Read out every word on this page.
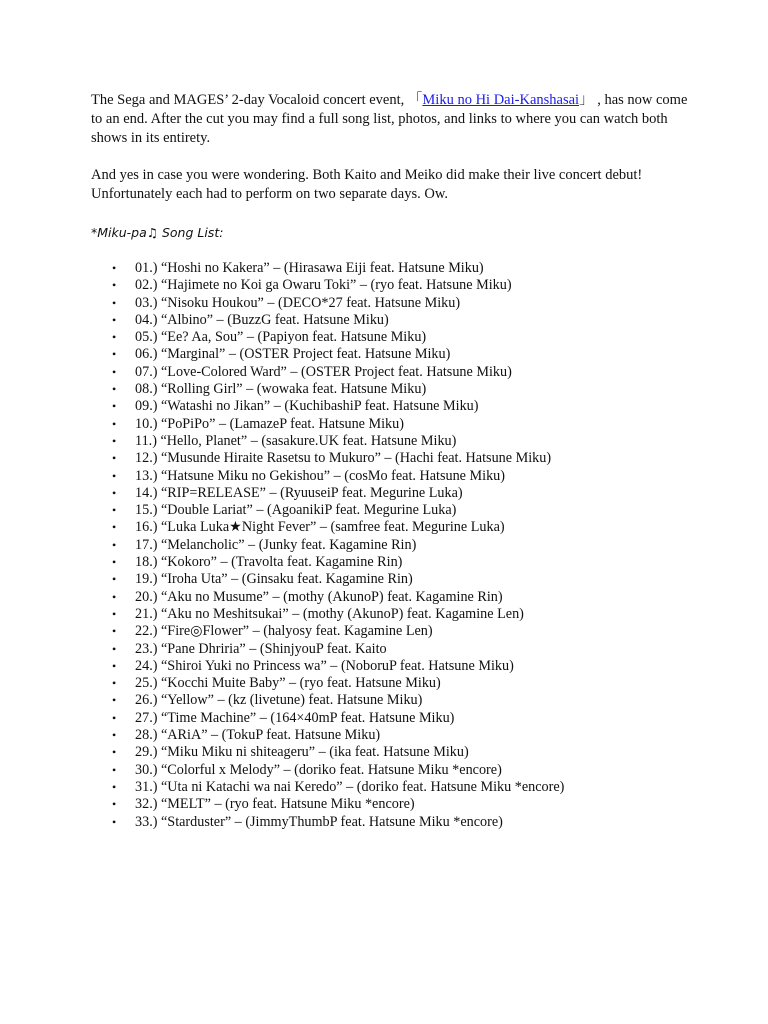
The Sega and MAGES’ 2-day Vocaloid concert event, 「Miku no Hi Dai-Kanshasai」 , has now come to an end. After the cut you may find a full song list, photos, and links to where you can watch both shows in its entirety.

And yes in case you were wondering. Both Kaito and Meiko did make their live concert debut! Unfortunately each had to perform on two separate days. Ow.

*Miku-pa♫ Song List:

• 01.) “Hoshi no Kakera” – (Hirasawa Eiji feat. Hatsune Miku)
• 02.) “Hajimete no Koi ga Owaru Toki” – (ryo feat. Hatsune Miku)
• 03.) “Nisoku Houkou” – (DECO*27 feat. Hatsune Miku)
• 04.) “Albino” – (BuzzG feat. Hatsune Miku)
• 05.) “Ee? Aa, Sou” – (Papiyon feat. Hatsune Miku)
• 06.) “Marginal” – (OSTER Project feat. Hatsune Miku)
• 07.) “Love-Colored Ward” – (OSTER Project feat. Hatsune Miku)
• 08.) “Rolling Girl” – (wowaka feat. Hatsune Miku)
• 09.) “Watashi no Jikan” – (KuchibashiP feat. Hatsune Miku)
• 10.) “PoPiPo” – (LamazeP feat. Hatsune Miku)
• 11.) “Hello, Planet” – (sasakure.UK feat. Hatsune Miku)
• 12.) “Musunde Hiraite Rasetsu to Mukuro” – (Hachi feat. Hatsune Miku)
• 13.) “Hatsune Miku no Gekishou” – (cosMo feat. Hatsune Miku)
• 14.) “RIP=RELEASE” – (RyuuseiP feat. Megurine Luka)
• 15.) “Double Lariat” – (AgoanikiP feat. Megurine Luka)
• 16.) “Luka Luka★Night Fever” – (samfree feat. Megurine Luka)
• 17.) “Melancholic” – (Junky feat. Kagamine Rin)
• 18.) “Kokoro” – (Travolta feat. Kagamine Rin)
• 19.) “Iroha Uta” – (Ginsaku feat. Kagamine Rin)
• 20.) “Aku no Musume” – (mothy (AkunoP) feat. Kagamine Rin)
• 21.) “Aku no Meshitsukai” – (mothy (AkunoP) feat. Kagamine Len)
• 22.) “Fire◎Flower” – (halyosy feat. Kagamine Len)
• 23.) “Pane Dhriria” – (ShinjyouP feat. Kaito
• 24.) “Shiroi Yuki no Princess wa” – (NoboruP feat. Hatsune Miku)
• 25.) “Kocchi Muite Baby” – (ryo feat. Hatsune Miku)
• 26.) “Yellow” – (kz (livetune) feat. Hatsune Miku)
• 27.) “Time Machine” – (164×40mP feat. Hatsune Miku)
• 28.) “ARiA” – (TokuP feat. Hatsune Miku)
• 29.) “Miku Miku ni shiteageru” – (ika feat. Hatsune Miku)
• 30.) “Colorful x Melody” – (doriko feat. Hatsune Miku *encore)
• 31.) “Uta ni Katachi wa nai Keredo” – (doriko feat. Hatsune Miku *encore)
• 32.) “MELT” – (ryo feat. Hatsune Miku *encore)
• 33.) “Starduster” – (JimmyThumbP feat. Hatsune Miku *encore)
